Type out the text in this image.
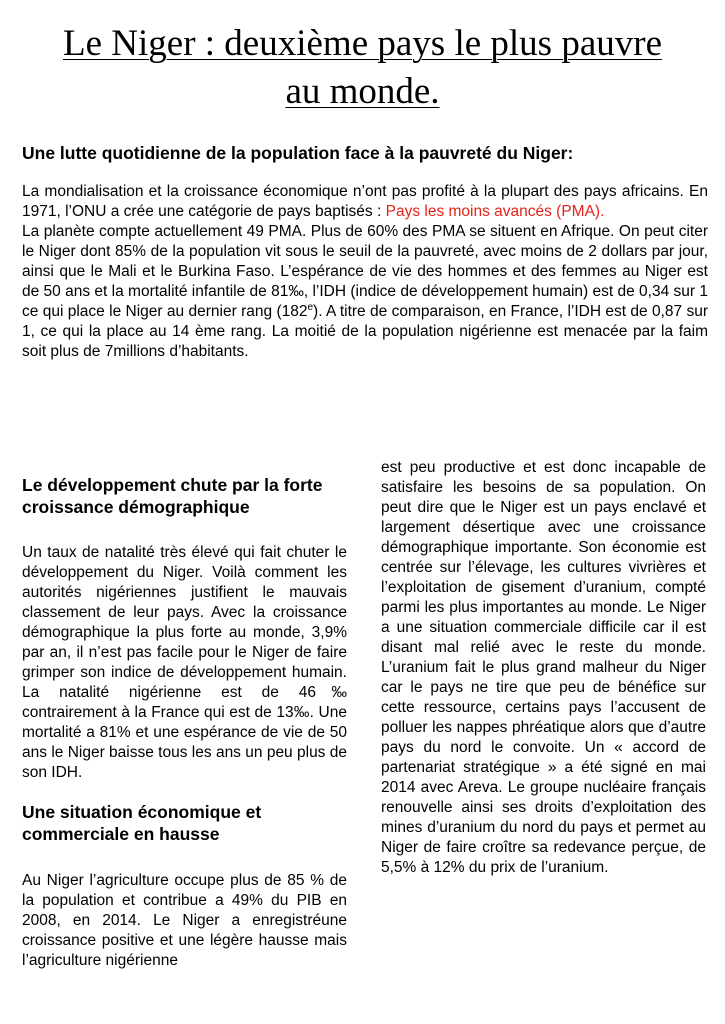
Le Niger : deuxième pays le plus pauvre
au monde.
Une lutte quotidienne de la population face à la pauvreté du Niger:

La mondialisation et la croissance économique n’ont pas profité à la plupart des pays africains. En 1971, l’ONU a crée une catégorie de pays baptisés : Pays les moins avancés (PMA).

La planète compte actuellement 49 PMA. Plus de 60% des PMA se situent en Afrique. On peut citer le Niger dont 85% de la population vit sous le seuil de la pauvreté, avec moins de 2 dollars par jour, ainsi que le Mali et le Burkina Faso. L’espérance de vie des hommes et des femmes au Niger est de 50 ans et la mortalité infantile de 81‰, l’IDH (indice de développement humain) est de 0,34 sur 1 ce qui place le Niger au dernier rang (182e). A titre de comparaison, en France, l’IDH est de 0,87 sur 1, ce qui la place au 14 ème rang. La moitié de la population nigérienne est menacée par la faim soit plus de 7millions d’habitants.

Le développement chute par la forte croissance démographique

Un taux de natalité très élevé qui fait chuter le développement du Niger. Voilà comment les autorités nigériennes justifient le mauvais classement de leur pays. Avec la croissance démographique la plus forte au monde, 3,9% par an, il n’est pas facile pour le Niger de faire grimper son indice de développement humain. La natalité nigérienne est de 46‰ contrairement à la France qui est de 13‰. Une mortalité a 81% et une espérance de vie de 50 ans le Niger baisse tous les ans un peu plus de son IDH.

Une situation économique et commerciale en hausse

Au Niger l’agriculture occupe plus de 85 % de la population et contribue a 49% du PIB en 2008, en 2014. Le Niger a enregistréune croissance positive et une légère hausse mais l’agriculture nigérienne

est peu productive et est donc incapable de satisfaire les besoins de sa population. On peut dire que le Niger est un pays enclavé et largement désertique avec une croissance démographique importante. Son économie est centrée sur l’élevage, les cultures vivrières et l’exploitation de gisement d’uranium, compté parmi les plus importantes au monde. Le Niger a une situation commerciale difficile car il est disant mal relié avec le reste du monde. L’uranium fait le plus grand malheur du Niger car le pays ne tire que peu de bénéfice sur cette ressource, certains pays l’accusent de polluer les nappes phréatique alors que d’autre pays du nord le convoite. Un « accord de partenariat stratégique » a été signé en mai 2014 avec Areva. Le groupe nucléaire français renouvelle ainsi ses droits d’exploitation des mines d’uranium du nord du pays et permet au Niger de faire croître sa redevance perçue, de 5,5% à 12% du prix de l’uranium.
